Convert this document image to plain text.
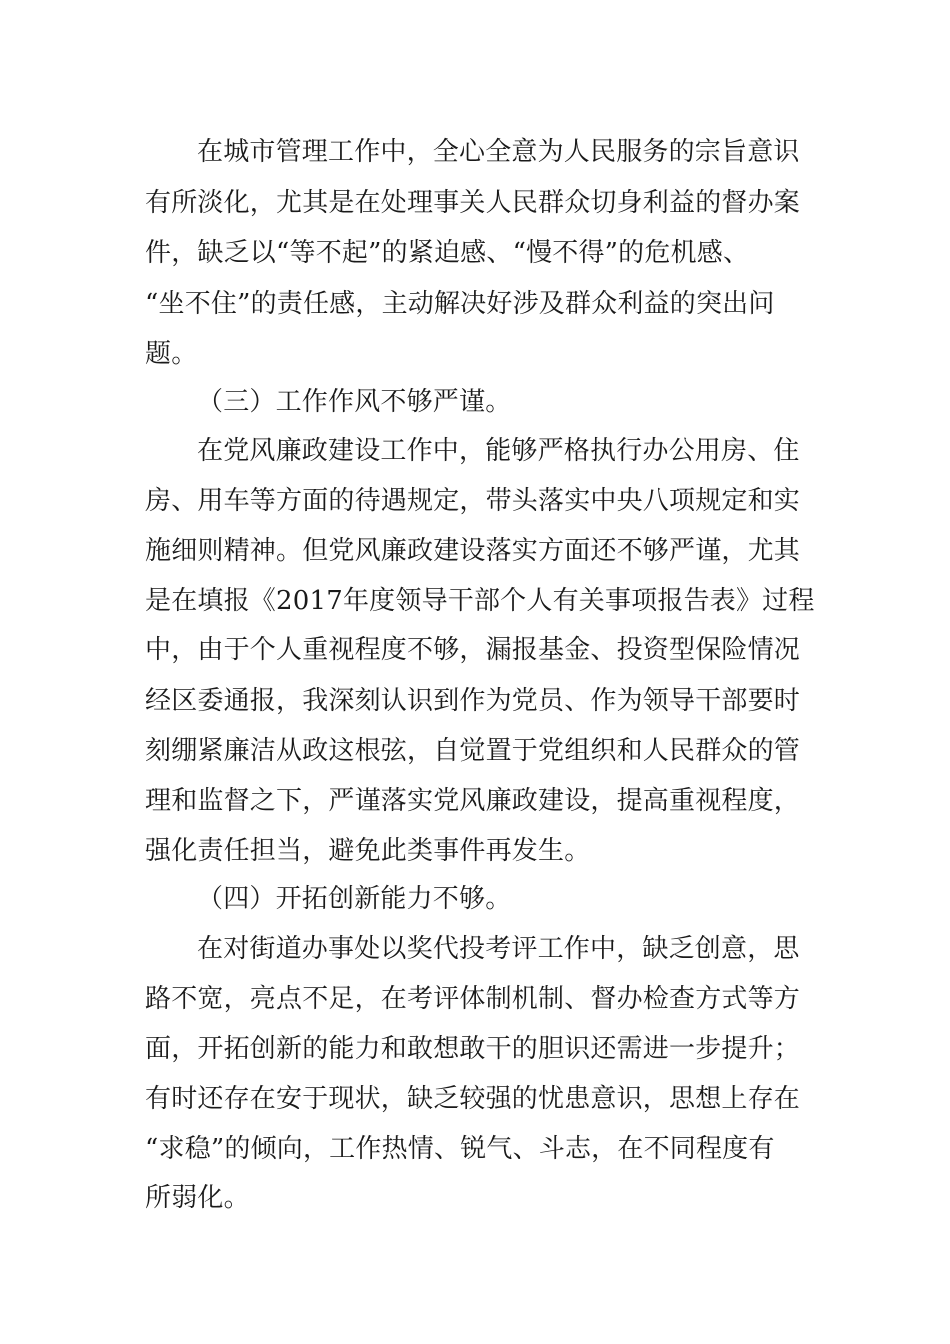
在城市管理工作中，全心全意为人民服务的宗旨意识

有所淡化，尤其是在处理事关人民群众切身利益的督办案

件，缺乏以“等不起”的紧迫感、“慢不得”的危机感、

“坐不住”的责任感，主动解决好涉及群众利益的突出问

题。

（三）工作作风不够严谨。

在党风廉政建设工作中，能够严格执行办公用房、住

房、用车等方面的待遇规定，带头落实中央八项规定和实

施细则精神。但党风廉政建设落实方面还不够严谨，尤其

是在填报《2017年度领导干部个人有关事项报告表》过程

中，由于个人重视程度不够，漏报基金、投资型保险情况

经区委通报，我深刻认识到作为党员、作为领导干部要时

刻绷紧廉洁从政这根弦，自觉置于党组织和人民群众的管

理和监督之下，严谨落实党风廉政建设，提高重视程度，

强化责任担当，避免此类事件再发生。

（四）开拓创新能力不够。

在对街道办事处以奖代投考评工作中，缺乏创意，思

路不宽，亮点不足，在考评体制机制、督办检查方式等方

面，开拓创新的能力和敢想敢干的胆识还需进一步提升；

有时还存在安于现状，缺乏较强的忧患意识，思想上存在

“求稳”的倾向，工作热情、锐气、斗志，在不同程度有

所弱化。
